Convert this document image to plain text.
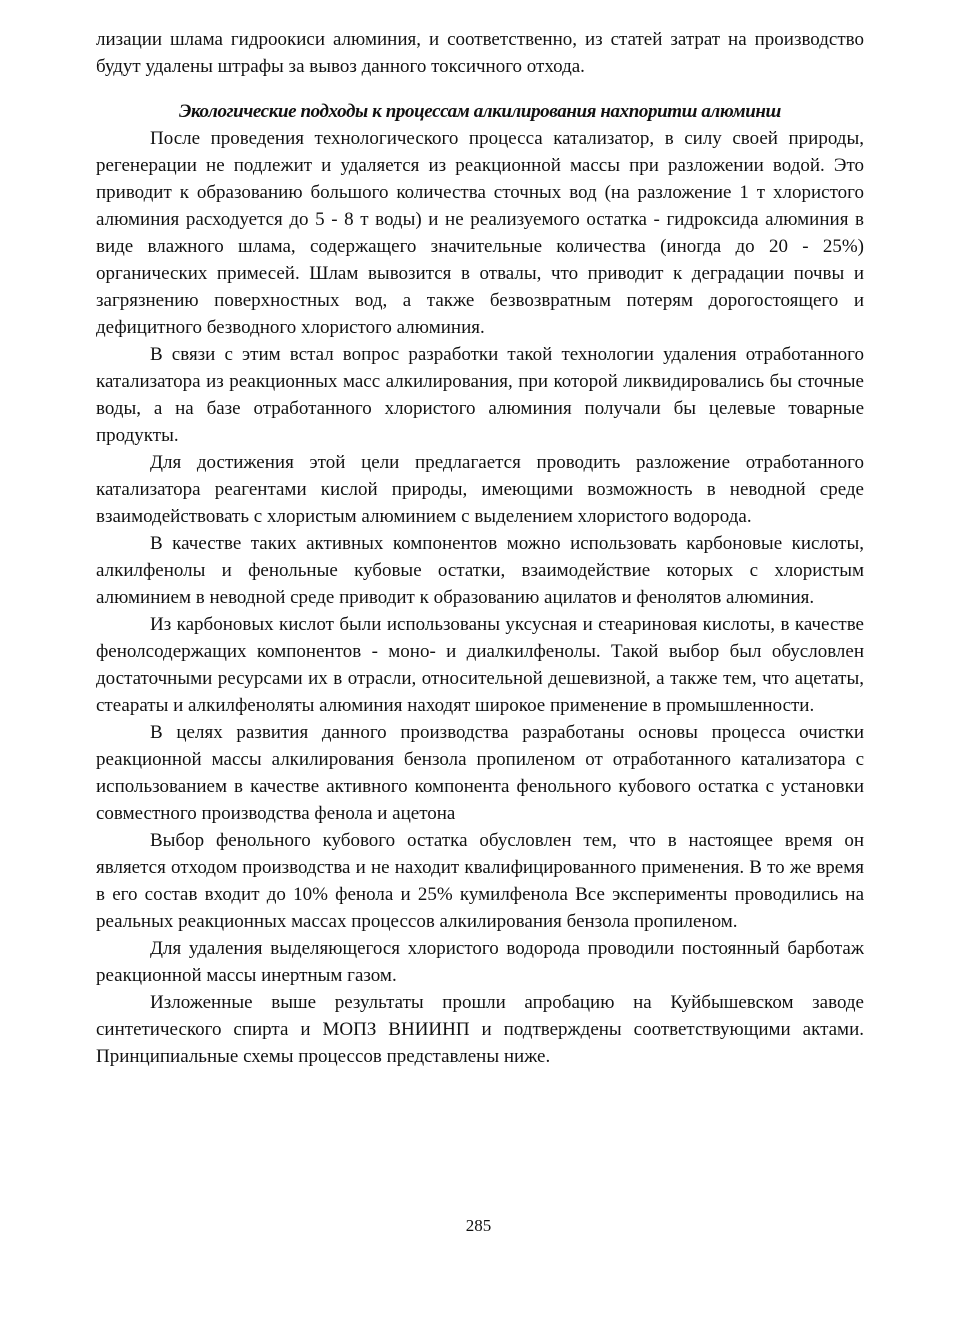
лизации шлама гидроокиси алюминия, и соответственно, из статей затрат на производство будут удалены штрафы за вывоз данного токсичного отхода.

Экологические подходы к процессам алкилирования нахпоритш алюминш

После проведения технологического процесса катализатор, в силу своей природы, регенерации не подлежит и удаляется из реакционной массы при разложении водой. Это приводит к образованию большого количества сточных вод (на разложение 1 т хлористого алюминия расходуется до 5 - 8 т воды) и не реализуемого остатка - гидроксида алюминия в виде влажного шлама, содержащего значительные количества (иногда до 20 - 25%) органических примесей. Шлам вывозится в отвалы, что приводит к деградации почвы и загрязнению поверхностных вод, а также безвозвратным потерям дорогостоящего и дефицитного безводного хлористого алюминия.

В связи с этим встал вопрос разработки такой технологии удаления отработанного катализатора из реакционных масс алкилирования, при которой ликвидировались бы сточные воды, а на базе отработанного хлористого алюминия получали бы целевые товарные продукты.

Для достижения этой цели предлагается проводить разложение отработанного катализатора реагентами кислой природы, имеющими возможность в неводной среде взаимодействовать с хлористым алюминием с выделением хлористого водорода.

В качестве таких активных компонентов можно использовать карбоновые кислоты, алкилфенолы и фенольные кубовые остатки, взаимодействие которых с хлористым алюминием в неводной среде приводит к образованию ацилатов и фенолятов алюминия.

Из карбоновых кислот были использованы уксусная и стеариновая кислоты, в качестве фенолсодержащих компонентов - моно- и диалкилфенолы. Такой выбор был обусловлен достаточными ресурсами их в отрасли, относительной дешевизной, а также тем, что ацетаты, стеараты и алкилфеноляты алюминия находят широкое применение в промышленности.

В целях развития данного производства разработаны основы процесса очистки реакционной массы алкилирования бензола пропиленом от отработанного катализатора с использованием в качестве активного компонента фенольного кубового остатка с установки совместного производства фенола и ацетона

Выбор фенольного кубового остатка обусловлен тем, что в настоящее время он является отходом производства и не находит квалифицированного применения. В то же время в его состав входит до 10% фенола и 25% кумилфенола Все эксперименты проводились на реальных реакционных массах процессов алкилирования бензола пропиленом.

Для удаления выделяющегося хлористого водорода проводили постоянный барботаж реакционной массы инертным газом.

Изложенные выше результаты прошли апробацию на Куйбышевском заводе синтетического спирта и МОПЗ ВНИИНП и подтверждены соответствующими актами. Принципиальные схемы процессов представлены ниже.

285
